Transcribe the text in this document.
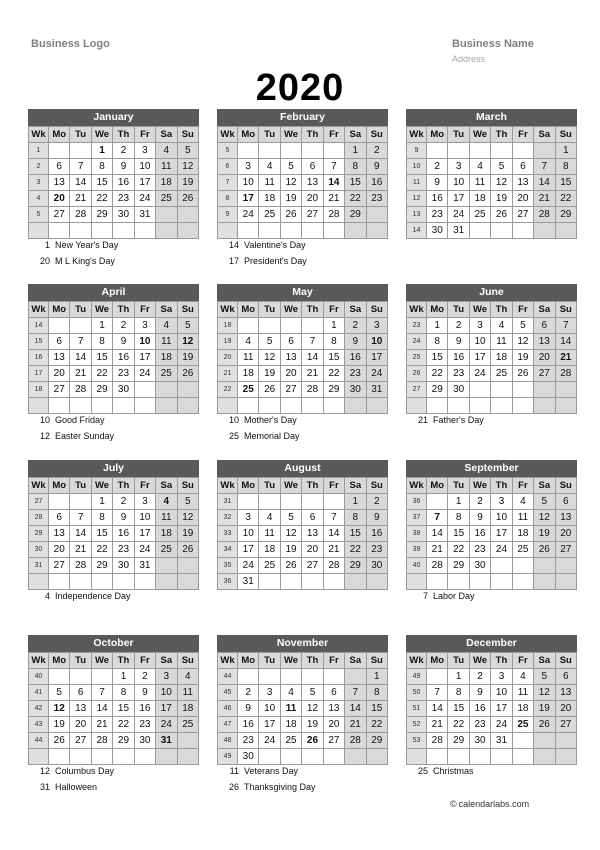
Business Logo	Business Name
Address
2020
January
Wk	Mo	Tu	We	Th	Fr	Sa	Su
1			1	2	3	4	5
2	6	7	8	9	10	11	12
3	13	14	15	16	17	18	19
4	20	21	22	23	24	25	26
5	27	28	29	30	31		

1 New Year's Day
20 M L King's Day
February
Wk	Mo	Tu	We	Th	Fr	Sa	Su
5						1	2
6	3	4	5	6	7	8	9
7	10	11	12	13	14	15	16
8	17	18	19	20	21	22	23
9	24	25	26	27	28	29	

14 Valentine's Day
17 President's Day
March
Wk	Mo	Tu	We	Th	Fr	Sa	Su
9							1
10	2	3	4	5	6	7	8
11	9	10	11	12	13	14	15
12	16	17	18	19	20	21	22
13	23	24	25	26	27	28	29
14	30	31					
April
Wk	Mo	Tu	We	Th	Fr	Sa	Su
14			1	2	3	4	5
15	6	7	8	9	10	11	12
16	13	14	15	16	17	18	19
17	20	21	22	23	24	25	26
18	27	28	29	30			

10 Good Friday
12 Easter Sunday
May
Wk	Mo	Tu	We	Th	Fr	Sa	Su
18					1	2	3
19	4	5	6	7	8	9	10
20	11	12	13	14	15	16	17
21	18	19	20	21	22	23	24
22	25	26	27	28	29	30	31

10 Mother's Day
25 Memorial Day
June
Wk	Mo	Tu	We	Th	Fr	Sa	Su
23	1	2	3	4	5	6	7
24	8	9	10	11	12	13	14
25	15	16	17	18	19	20	21
26	22	23	24	25	26	27	28
27	29	30					

21 Father's Day
July
Wk	Mo	Tu	We	Th	Fr	Sa	Su
27			1	2	3	4	5
28	6	7	8	9	10	11	12
29	13	14	15	16	17	18	19
30	20	21	22	23	24	25	26
31	27	28	29	30	31		

4 Independence Day
August
Wk	Mo	Tu	We	Th	Fr	Sa	Su
31						1	2
32	3	4	5	6	7	8	9
33	10	11	12	13	14	15	16
34	17	18	19	20	21	22	23
35	24	25	26	27	28	29	30
36	31						
September
Wk	Mo	Tu	We	Th	Fr	Sa	Su
36		1	2	3	4	5	6
37	7	8	9	10	11	12	13
38	14	15	16	17	18	19	20
39	21	22	23	24	25	26	27
40	28	29	30				

7 Labor Day
October
Wk	Mo	Tu	We	Th	Fr	Sa	Su
40				1	2	3	4
41	5	6	7	8	9	10	11
42	12	13	14	15	16	17	18
43	19	20	21	22	23	24	25
44	26	27	28	29	30	31	

12 Columbus Day
31 Halloween
November
Wk	Mo	Tu	We	Th	Fr	Sa	Su
44							1
45	2	3	4	5	6	7	8
46	9	10	11	12	13	14	15
47	16	17	18	19	20	21	22
48	23	24	25	26	27	28	29
49	30						
11 Veterans Day
26 Thanksgiving Day
December
Wk	Mo	Tu	We	Th	Fr	Sa	Su
49		1	2	3	4	5	6
50	7	8	9	10	11	12	13
51	14	15	16	17	18	19	20
52	21	22	23	24	25	26	27
53	28	29	30	31			

25 Christmas
© calendarlabs.com
